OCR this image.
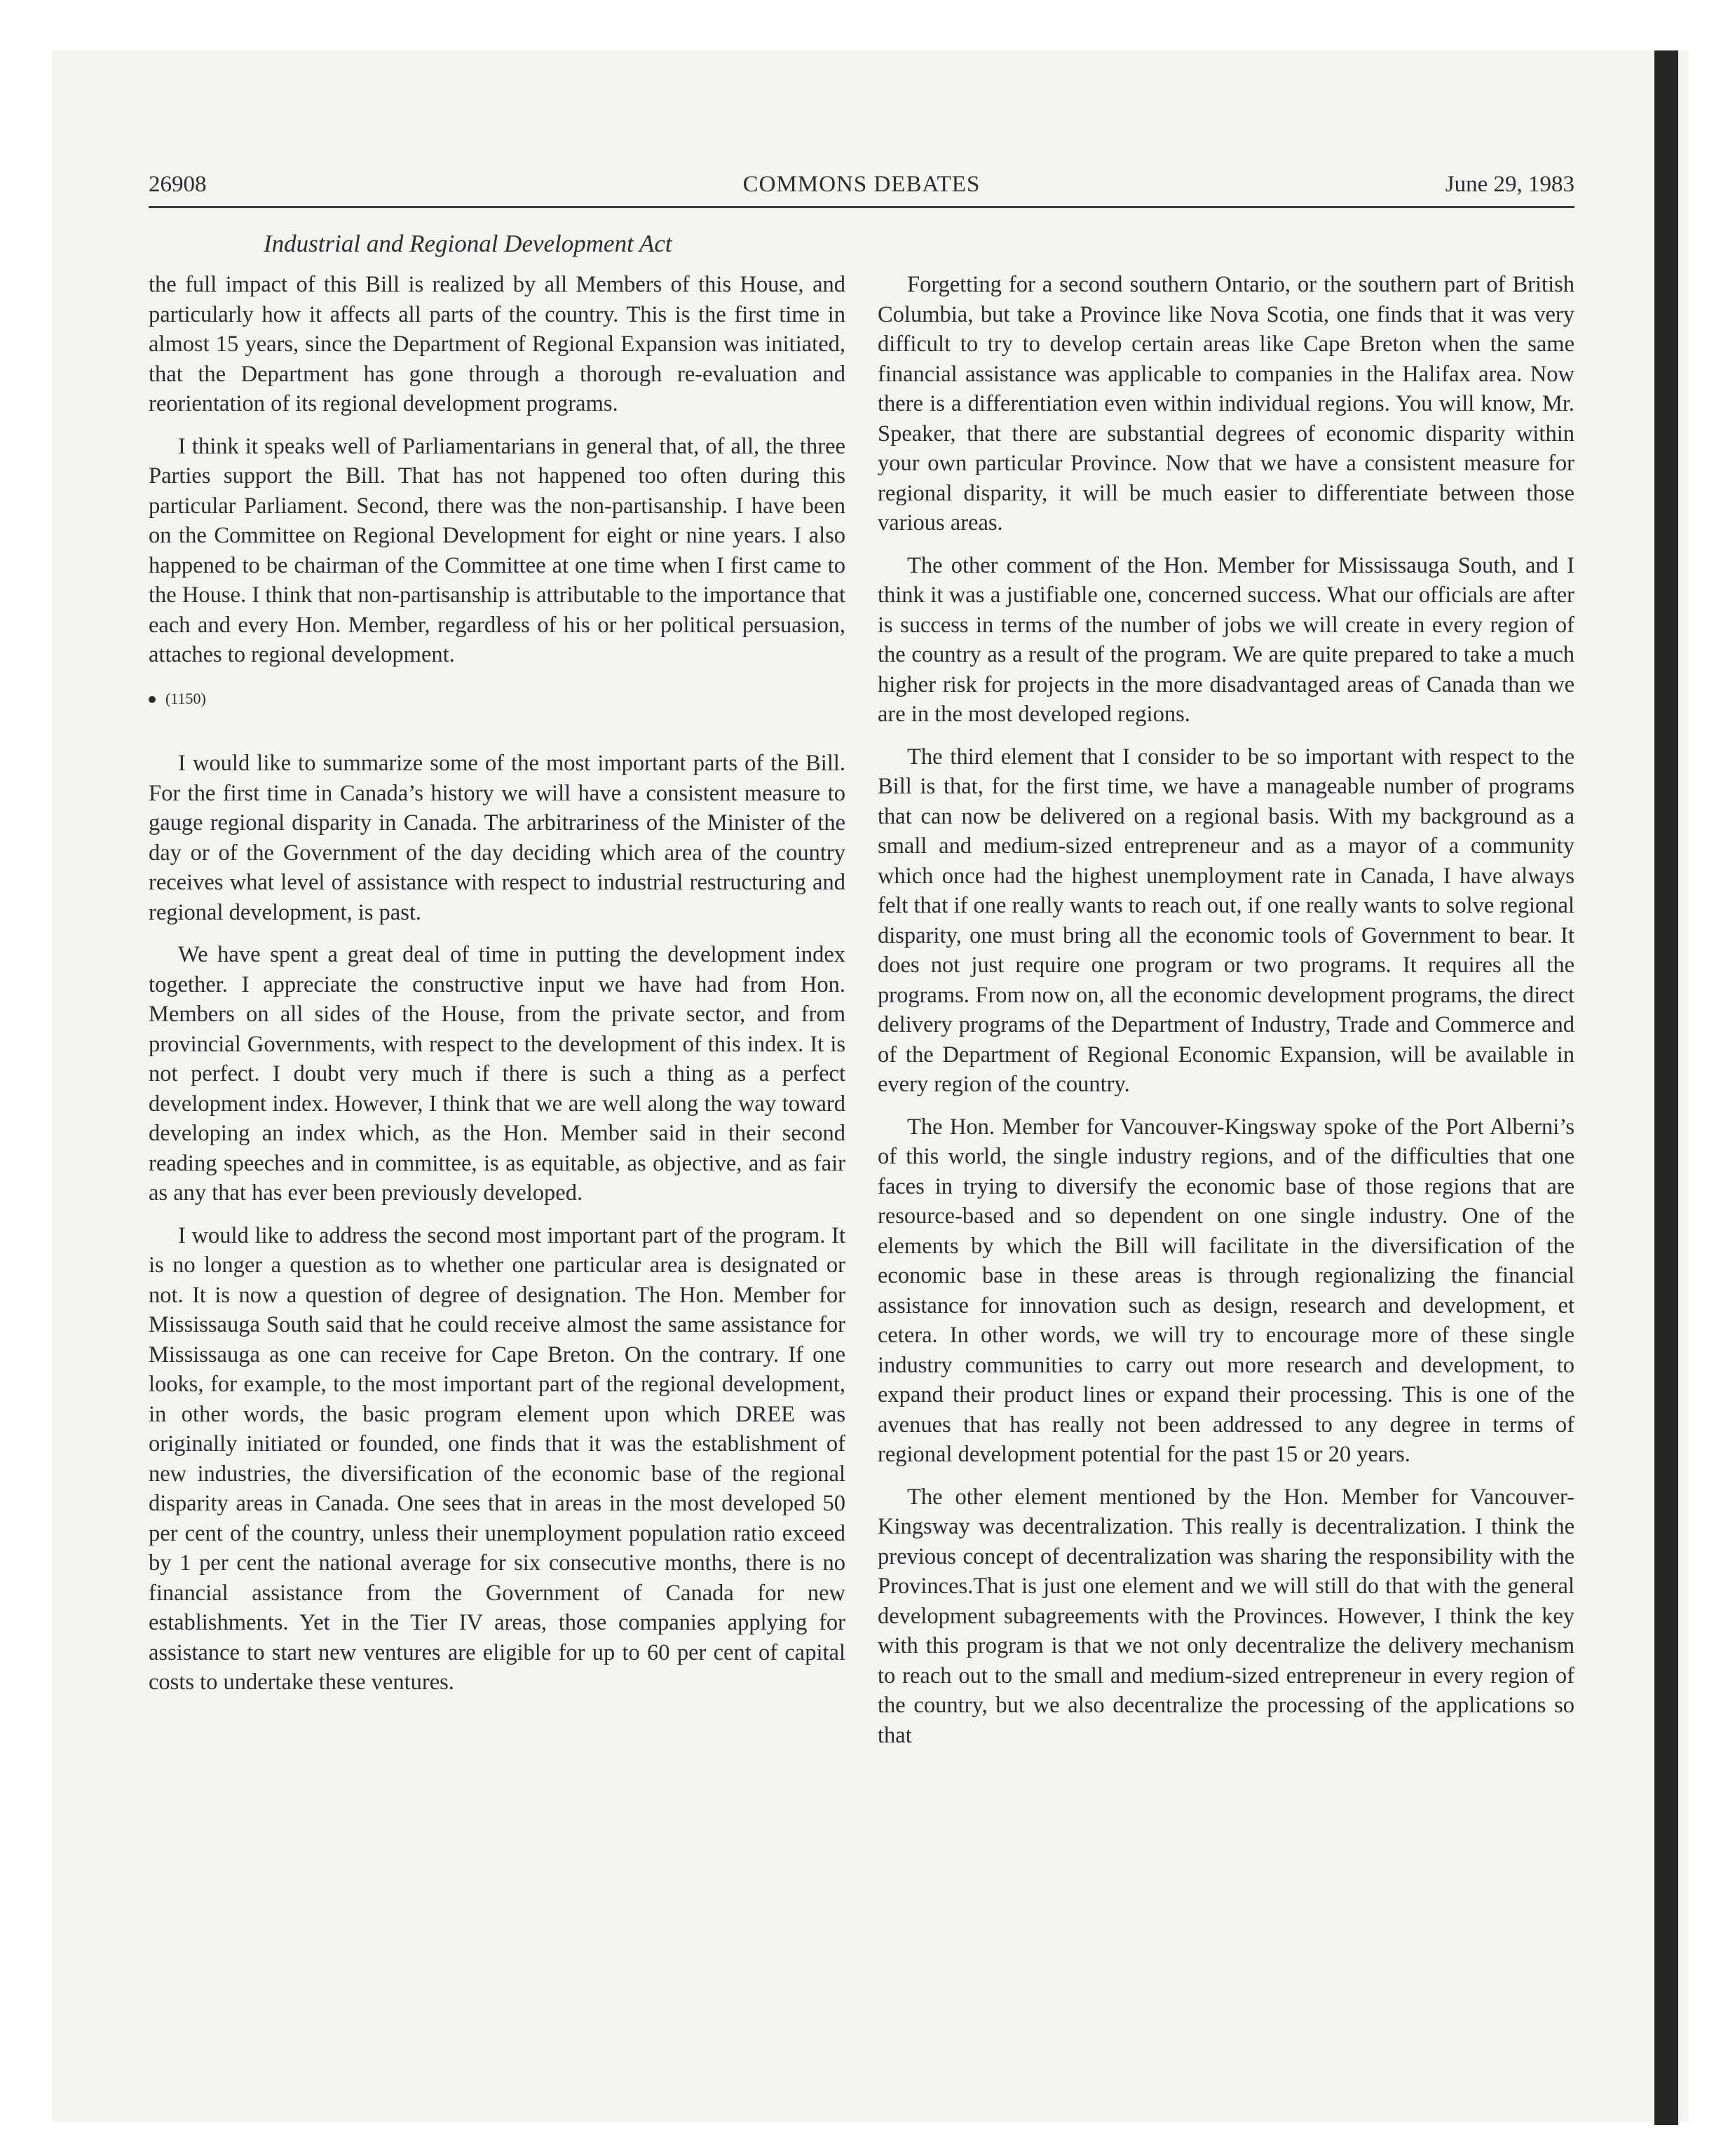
26908	COMMONS DEBATES	June 29, 1983
Industrial and Regional Development Act

the full impact of this Bill is realized by all Members of this House, and particularly how it affects all parts of the country. This is the first time in almost 15 years, since the Department of Regional Expansion was initiated, that the Department has gone through a thorough re-evaluation and reorientation of its regional development programs.

I think it speaks well of Parliamentarians in general that, of all, the three Parties support the Bill. That has not happened too often during this particular Parliament. Second, there was the non-partisanship. I have been on the Committee on Regional Development for eight or nine years. I also happened to be chairman of the Committee at one time when I first came to the House. I think that non-partisanship is attributable to the importance that each and every Hon. Member, regardless of his or her political persuasion, attaches to regional development.

(1150)

I would like to summarize some of the most important parts of the Bill. For the first time in Canada’s history we will have a consistent measure to gauge regional disparity in Canada. The arbitrariness of the Minister of the day or of the Government of the day deciding which area of the country receives what level of assistance with respect to industrial restructuring and regional development, is past.

We have spent a great deal of time in putting the development index together. I appreciate the constructive input we have had from Hon. Members on all sides of the House, from the private sector, and from provincial Governments, with respect to the development of this index. It is not perfect. I doubt very much if there is such a thing as a perfect development index. However, I think that we are well along the way toward developing an index which, as the Hon. Member said in their second reading speeches and in committee, is as equitable, as objective, and as fair as any that has ever been previously developed.

I would like to address the second most important part of the program. It is no longer a question as to whether one particular area is designated or not. It is now a question of degree of designation. The Hon. Member for Mississauga South said that he could receive almost the same assistance for Mississauga as one can receive for Cape Breton. On the contrary. If one looks, for example, to the most important part of the regional development, in other words, the basic program element upon which DREE was originally initiated or founded, one finds that it was the establishment of new industries, the diversification of the economic base of the regional disparity areas in Canada. One sees that in areas in the most developed 50 per cent of the country, unless their unemployment population ratio exceed by 1 per cent the national average for six consecutive months, there is no financial assistance from the Government of Canada for new establishments. Yet in the Tier IV areas, those companies applying for assistance to start new ventures are eligible for up to 60 per cent of capital costs to undertake these ventures.

Forgetting for a second southern Ontario, or the southern part of British Columbia, but take a Province like Nova Scotia, one finds that it was very difficult to try to develop certain areas like Cape Breton when the same financial assistance was applicable to companies in the Halifax area. Now there is a differentiation even within individual regions. You will know, Mr. Speaker, that there are substantial degrees of economic disparity within your own particular Province. Now that we have a consistent measure for regional disparity, it will be much easier to differentiate between those various areas.

The other comment of the Hon. Member for Mississauga South, and I think it was a justifiable one, concerned success. What our officials are after is success in terms of the number of jobs we will create in every region of the country as a result of the program. We are quite prepared to take a much higher risk for projects in the more disadvantaged areas of Canada than we are in the most developed regions.

The third element that I consider to be so important with respect to the Bill is that, for the first time, we have a manageable number of programs that can now be delivered on a regional basis. With my background as a small and medium-sized entrepreneur and as a mayor of a community which once had the highest unemployment rate in Canada, I have always felt that if one really wants to reach out, if one really wants to solve regional disparity, one must bring all the economic tools of Government to bear. It does not just require one program or two programs. It requires all the programs. From now on, all the economic development programs, the direct delivery programs of the Department of Industry, Trade and Commerce and of the Department of Regional Economic Expansion, will be available in every region of the country.

The Hon. Member for Vancouver-Kingsway spoke of the Port Alberni’s of this world, the single industry regions, and of the difficulties that one faces in trying to diversify the economic base of those regions that are resource-based and so dependent on one single industry. One of the elements by which the Bill will facilitate in the diversification of the economic base in these areas is through regionalizing the financial assistance for innovation such as design, research and development, et cetera. In other words, we will try to encourage more of these single industry communities to carry out more research and development, to expand their product lines or expand their processing. This is one of the avenues that has really not been addressed to any degree in terms of regional development potential for the past 15 or 20 years.

The other element mentioned by the Hon. Member for Vancouver-Kingsway was decentralization. This really is decentralization. I think the previous concept of decentralization was sharing the responsibility with the Provinces.That is just one element and we will still do that with the general development subagreements with the Provinces. However, I think the key with this program is that we not only decentralize the delivery mechanism to reach out to the small and medium-sized entrepreneur in every region of the country, but we also decentralize the processing of the applications so that
